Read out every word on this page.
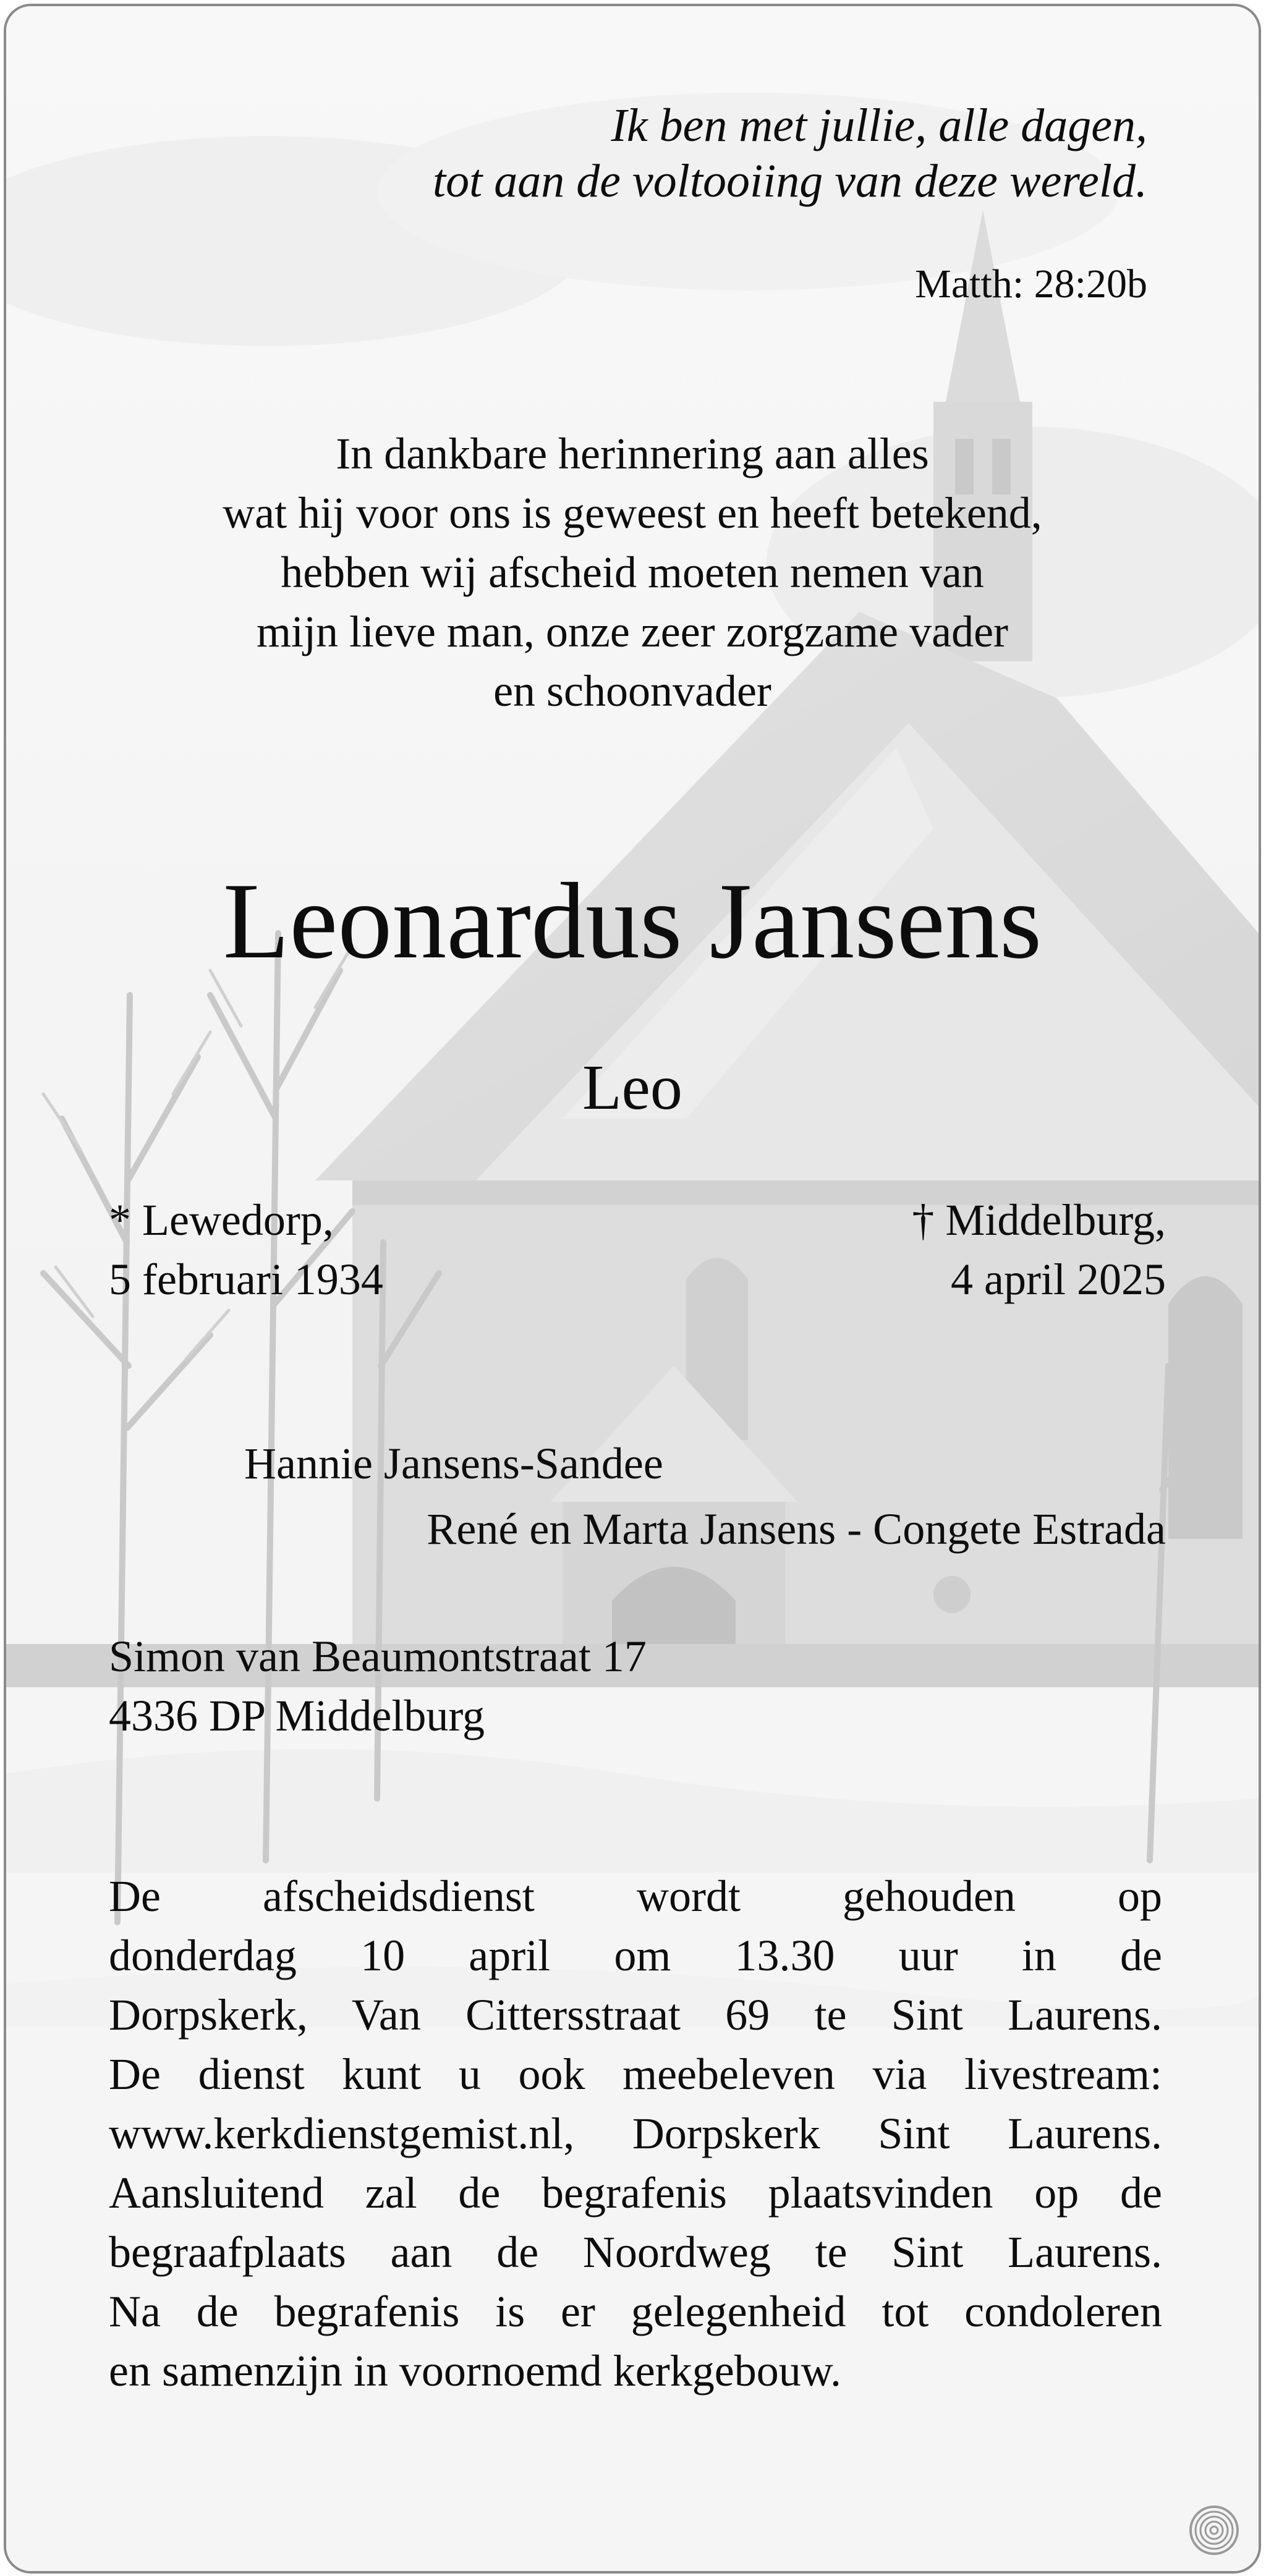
Ik ben met jullie, alle dagen,
tot aan de voltooiing van deze wereld.
Matth: 28:20b
In dankbare herinnering aan alles
wat hij voor ons is geweest en heeft betekend,
hebben wij afscheid moeten nemen van
mijn lieve man, onze zeer zorgzame vader
en schoonvader
Leonardus Jansens
Leo
* Lewedorp,
5 februari 1934
† Middelburg,
4 april 2025
Hannie Jansens-Sandee
René en Marta Jansens - Congete Estrada
Simon van Beaumontstraat 17
4336 DP Middelburg
De afscheidsdienst wordt gehouden op
donderdag 10 april om 13.30 uur in de
Dorpskerk, Van Cittersstraat 69 te Sint Laurens.
De dienst kunt u ook meebeleven via livestream:
www.kerkdienstgemist.nl, Dorpskerk Sint Laurens.
Aansluitend zal de begrafenis plaatsvinden op de
begraafplaats aan de Noordweg te Sint Laurens.
Na de begrafenis is er gelegenheid tot condoleren
en samenzijn in voornoemd kerkgebouw.
